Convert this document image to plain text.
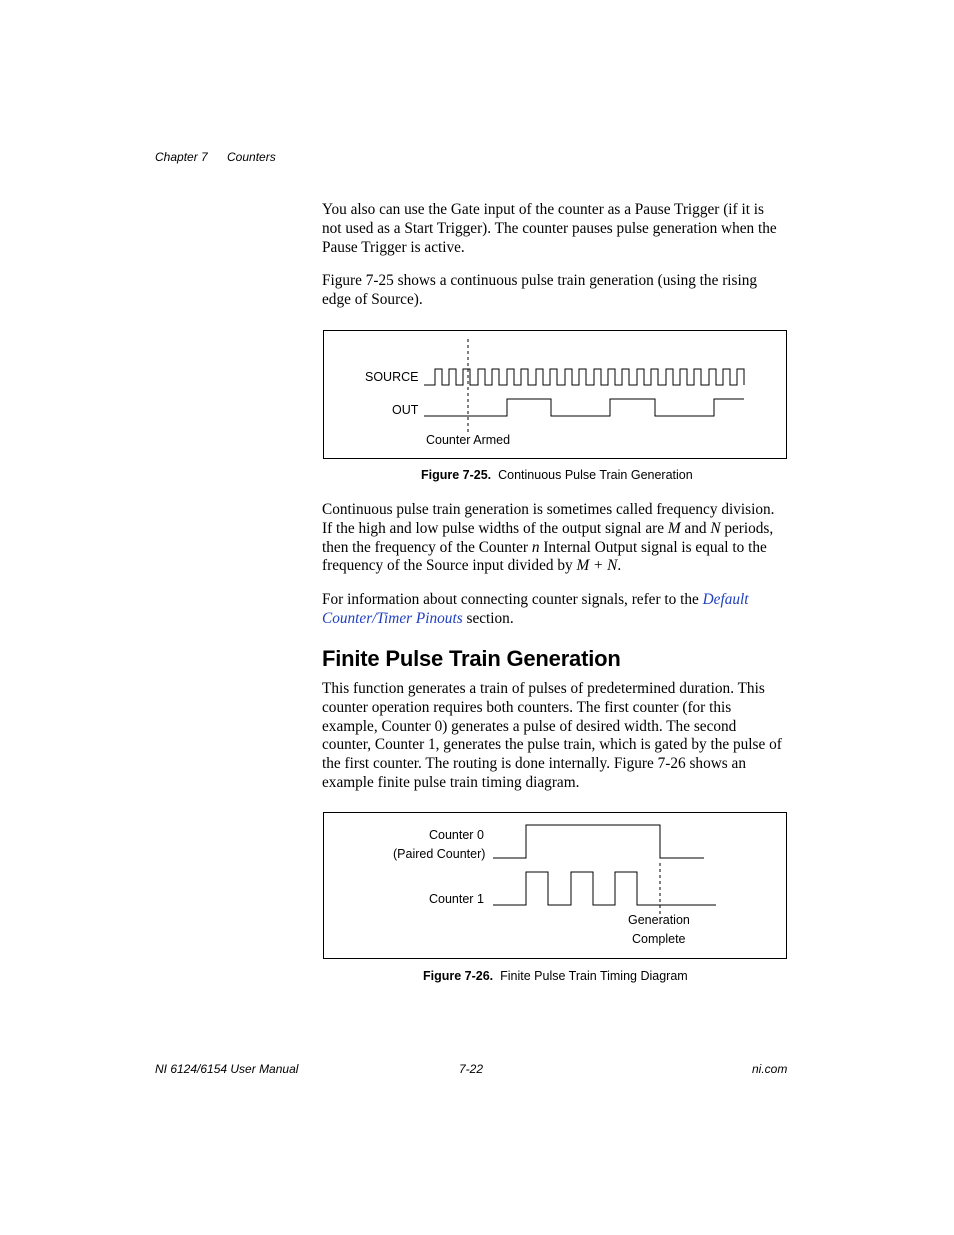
Chapter 7 Counters
You also can use the Gate input of the counter as a Pause Trigger (if it is not used as a Start Trigger). The counter pauses pulse generation when the Pause Trigger is active.
Figure 7-25 shows a continuous pulse train generation (using the rising edge of Source).
SOURCE
OUT
Counter Armed
Figure 7-25. Continuous Pulse Train Generation
Continuous pulse train generation is sometimes called frequency division. If the high and low pulse widths of the output signal are M and N periods, then the frequency of the Counter n Internal Output signal is equal to the frequency of the Source input divided by M + N.
For information about connecting counter signals, refer to the Default Counter/Timer Pinouts section.
Finite Pulse Train Generation
This function generates a train of pulses of predetermined duration. This counter operation requires both counters. The first counter (for this example, Counter 0) generates a pulse of desired width. The second counter, Counter 1, generates the pulse train, which is gated by the pulse of the first counter. The routing is done internally. Figure 7-26 shows an example finite pulse train timing diagram.
Counter 0
(Paired Counter)
Counter 1
Generation
Complete
Figure 7-26. Finite Pulse Train Timing Diagram
NI 6124/6154 User Manual	7-22	ni.com
